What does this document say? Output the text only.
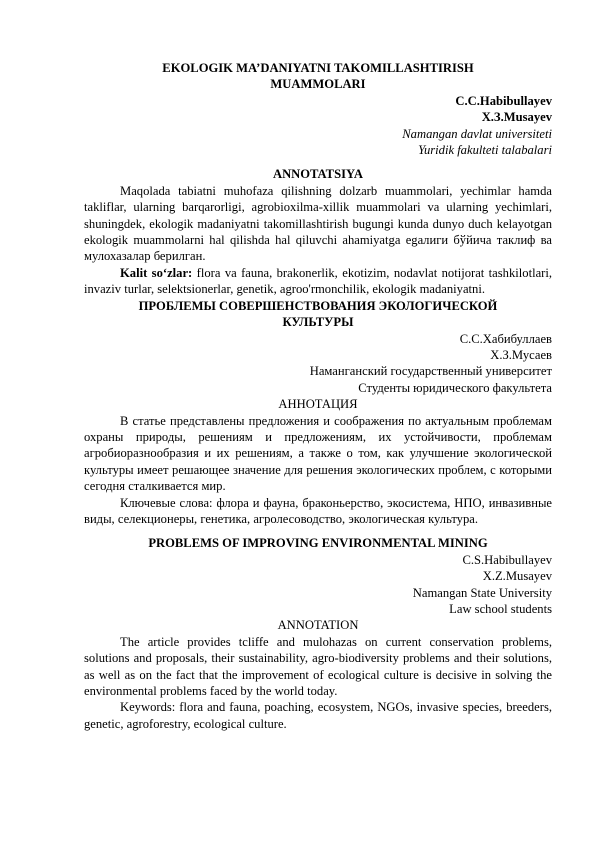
EKOLOGIK MA’DANIYATNI TAKOMILLASHTIRISH

MUAMMOLARI

C.C.Habibullayev

Х.З.Musayev

Namangan davlat universiteti

Yuridik fakulteti talabalari

ANNOTATSIYA

Maqolada tabiatni muhofaza qilishning dolzarb muammolari, yechimlar hamda takliflar, ularning barqarorligi, agrobioxilma-xillik muammolari va ularning yechimlari, shuningdek, ekologik madaniyatni takomillashtirish bugungi kunda dunyo duch kelayotgan ekologik muammolarni hal qilishda hal qiluvchi ahamiyatga egaлиги бўйича таклиф ва мулохазалар берилган.

Kalit so‘zlar: flora va fauna, brakonerlik, ekotizim, nodavlat notijorat tashkilotlari, invaziv turlar, selektsionerlar, genetik, agroo'rmonchilik, ekologik madaniyatni.

ПРОБЛЕМЫ СОВЕРШЕНСТВОВАНИЯ ЭКОЛОГИЧЕСКОЙ

КУЛЬТУРЫ

С.С.Хабибуллаев

Х.З.Мусаев

Наманганский государственный университет

Студенты юридического факультета

АННОТАЦИЯ

В статье представлены предложения и соображения по актуальным проблемам охраны природы, решениям и предложениям, их устойчивости, проблемам агробиоразнообразия и их решениям, а также о том, как улучшение экологической культуры имеет решающее значение для решения экологических проблем, с которыми сегодня сталкивается мир.

Ключевые слова: флора и фауна, браконьерство, экосистема, НПО, инвазивные виды, селекционеры, генетика, агролесоводство, экологическая культура.

PROBLEMS OF IMPROVING ENVIRONMENTAL MINING

C.S.Habibullayev

X.Z.Musayev

Namangan State University

Law school students

ANNOTATION

The article provides tcliffe and mulohazas on current conservation problems, solutions and proposals, their sustainability, agro-biodiversity problems and their solutions, as well as on the fact that the improvement of ecological culture is decisive in solving the environmental problems faced by the world today.

Keywords: flora and fauna, poaching, ecosystem, NGOs, invasive species, breeders, genetic, agroforestry, ecological culture.
